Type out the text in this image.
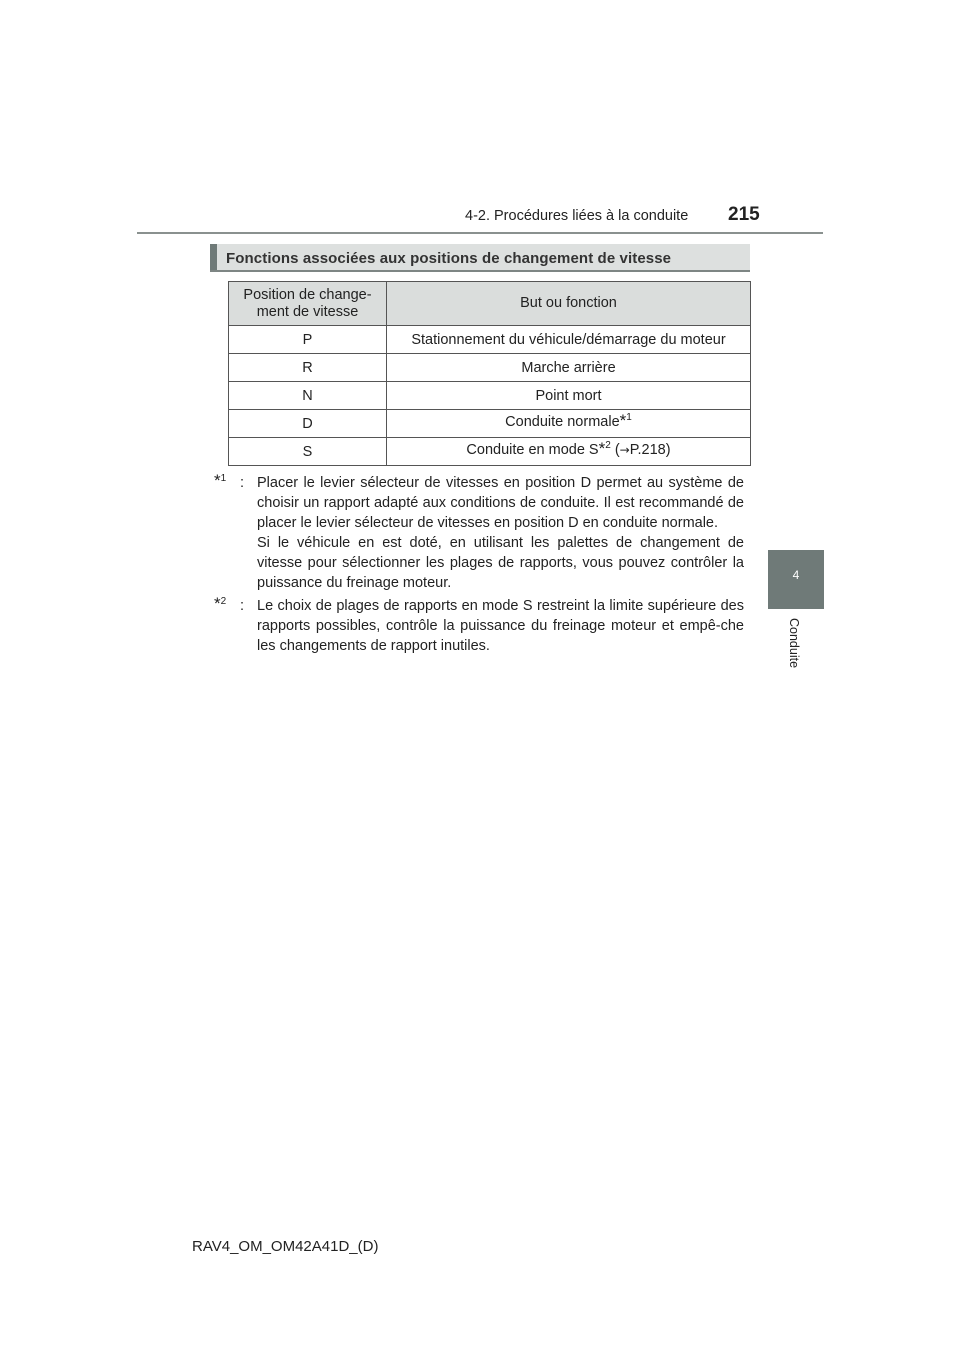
4-2. Procédures liées à la conduite 215
4
Conduite
Fonctions associées aux positions de changement de vitesse
Position de change-
ment de vitesse	But ou fonction
P	Stationnement du véhicule/démarrage du moteur
R	Marche arrière
N	Point mort
D	Conduite normale*$^1$
S	Conduite en mode S*$^2$ (→P.218)
*$^1$ : Placer le levier sélecteur de vitesses en position D permet au système de choisir un rapport adapté aux conditions de conduite. Il est recommandé de placer le levier sélecteur de vitesses en position D en conduite normale.
Si le véhicule en est doté, en utilisant les palettes de changement de vitesse pour sélectionner les plages de rapports, vous pouvez contrôler la puissance du freinage moteur.
*$^2$ : Le choix de plages de rapports en mode S restreint la limite supérieure des rapports possibles, contrôle la puissance du freinage moteur et empê-che les changements de rapport inutiles.
RAV4_OM_OM42A41D_(D)
